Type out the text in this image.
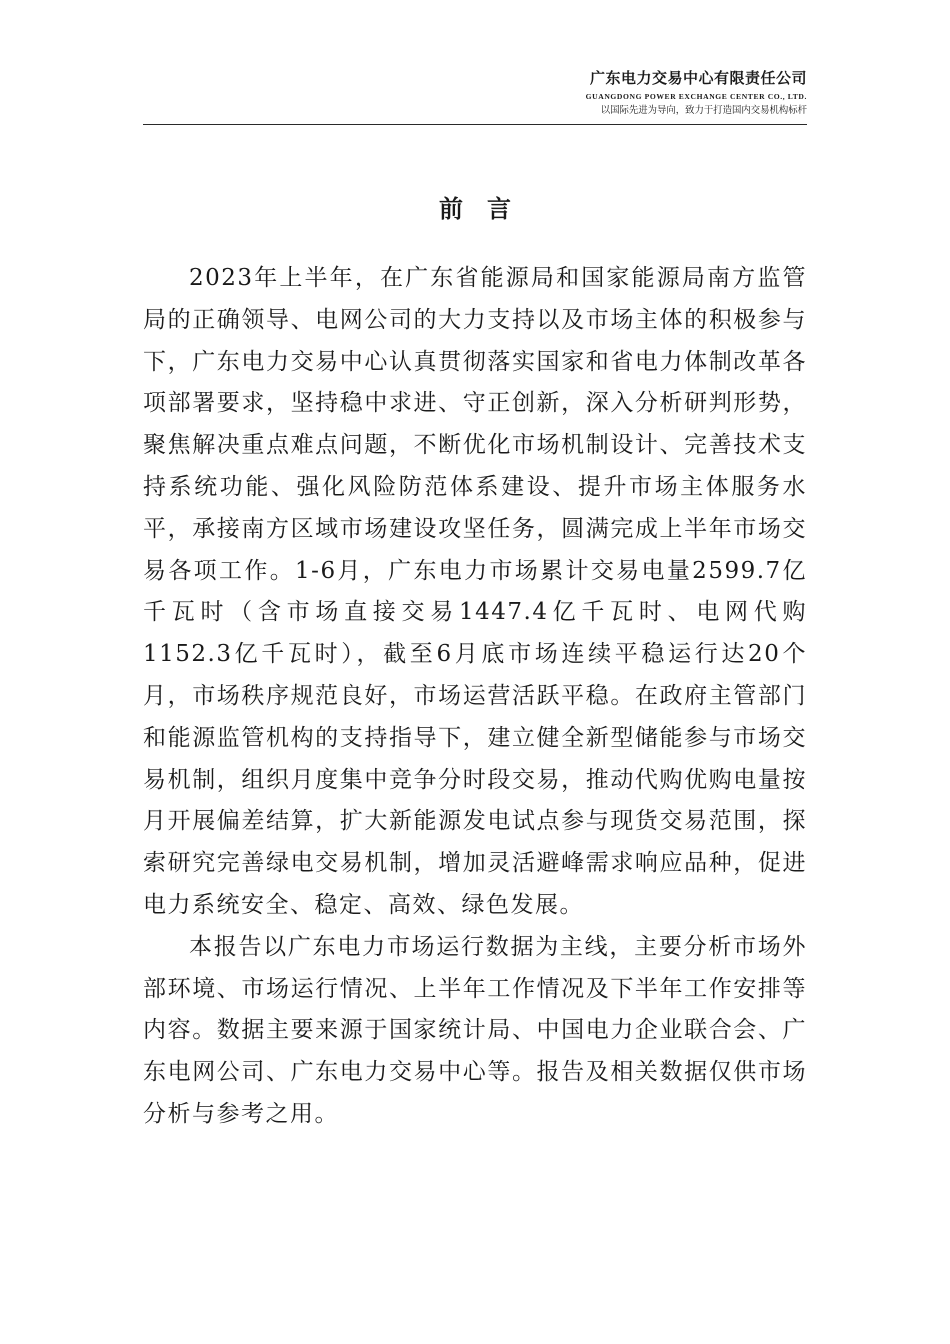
广东电力交易中心有限责任公司
GUANGDONG POWER EXCHANGE CENTER CO., LTD.
以国际先进为导向，致力于打造国内交易机构标杆
前言

2023年上半年，在广东省能源局和国家能源局南方监管局的正确领导、电网公司的大力支持以及市场主体的积极参与下，广东电力交易中心认真贯彻落实国家和省电力体制改革各项部署要求，坚持稳中求进、守正创新，深入分析研判形势，聚焦解决重点难点问题，不断优化市场机制设计、完善技术支持系统功能、强化风险防范体系建设、提升市场主体服务水平，承接南方区域市场建设攻坚任务，圆满完成上半年市场交易各项工作。1-6月，广东电力市场累计交易电量2599.7亿千瓦时（含市场直接交易1447.4亿千瓦时、电网代购1152.3亿千瓦时），截至6月底市场连续平稳运行达20个月，市场秩序规范良好，市场运营活跃平稳。在政府主管部门和能源监管机构的支持指导下，建立健全新型储能参与市场交易机制，组织月度集中竞争分时段交易，推动代购优购电量按月开展偏差结算，扩大新能源发电试点参与现货交易范围，探索研究完善绿电交易机制，增加灵活避峰需求响应品种，促进电力系统安全、稳定、高效、绿色发展。

本报告以广东电力市场运行数据为主线，主要分析市场外部环境、市场运行情况、上半年工作情况及下半年工作安排等内容。数据主要来源于国家统计局、中国电力企业联合会、广东电网公司、广东电力交易中心等。报告及相关数据仅供市场分析与参考之用。
